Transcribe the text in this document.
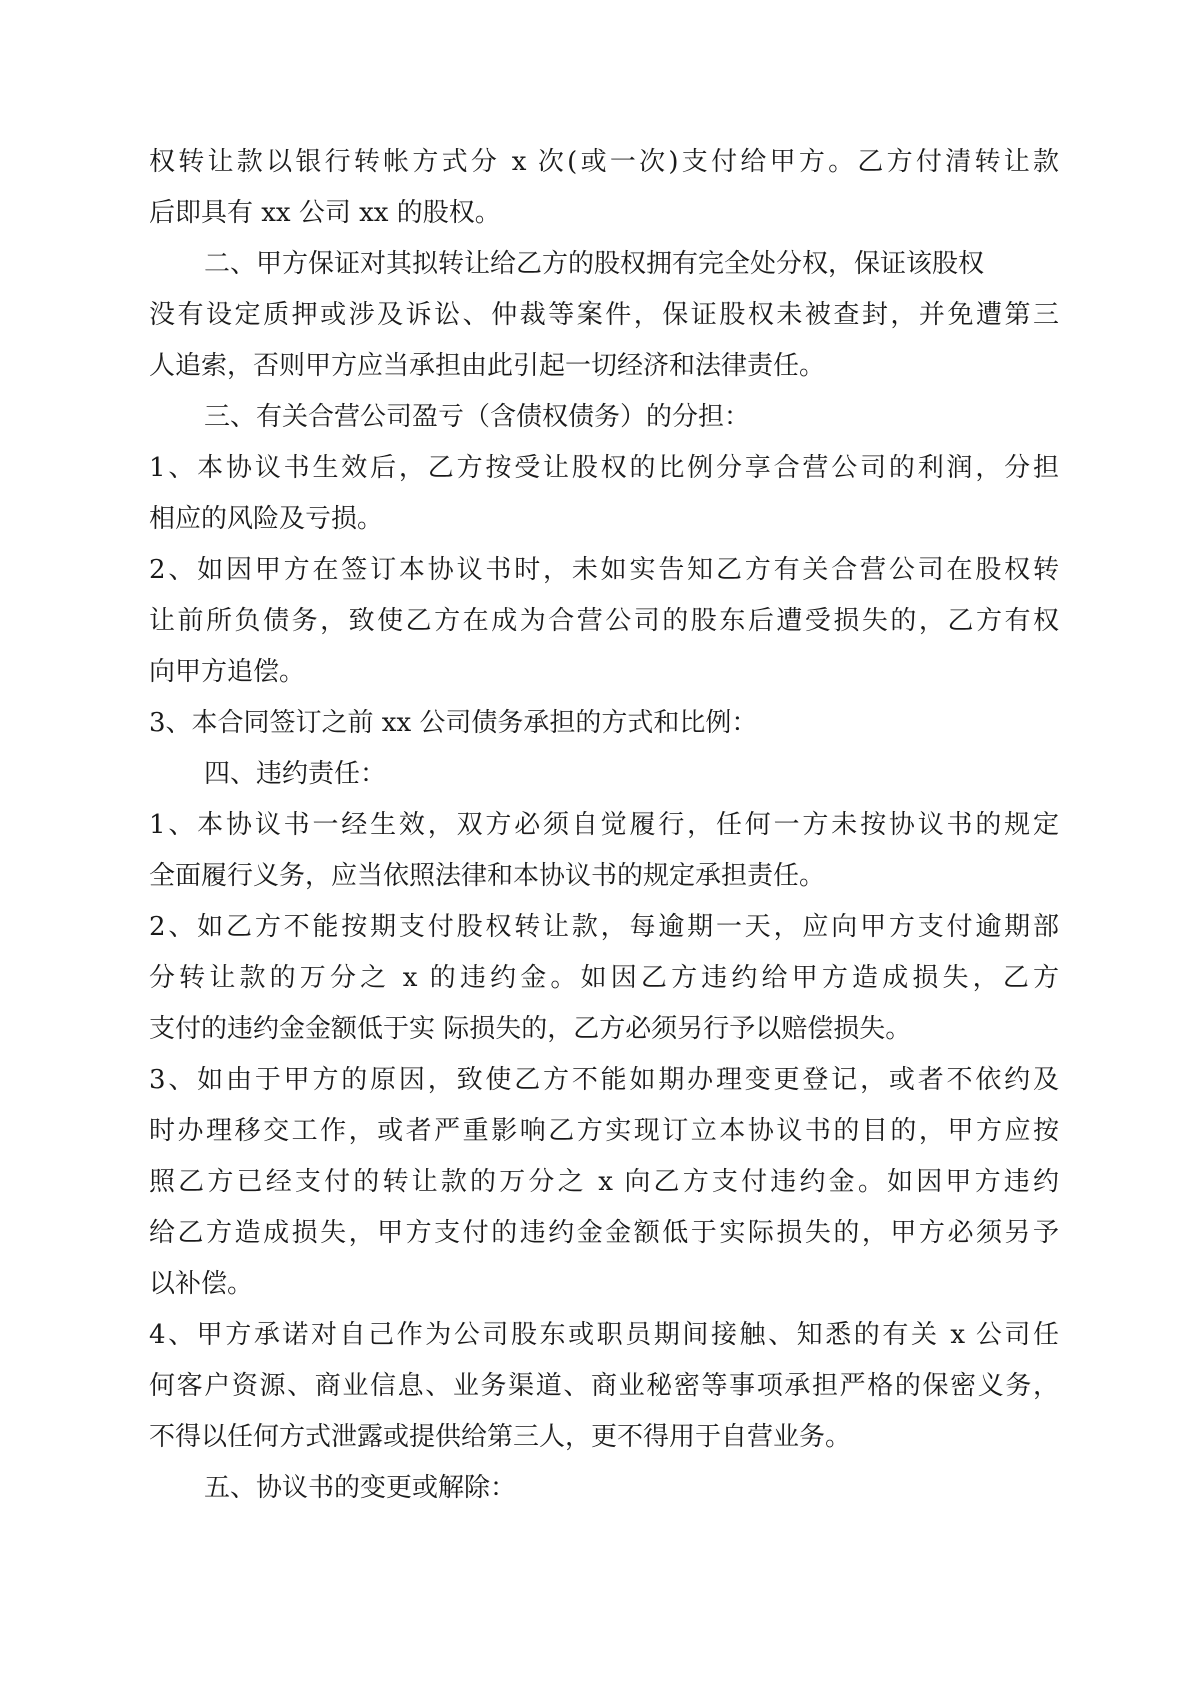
权转让款以银行转帐方式分 x 次(或一次)支付给甲方。乙方付清转让款

后即具有 xx 公司 xx 的股权。

二、甲方保证对其拟转让给乙方的股权拥有完全处分权，保证该股权

没有设定质押或涉及诉讼、仲裁等案件，保证股权未被查封，并免遭第三

人追索，否则甲方应当承担由此引起一切经济和法律责任。

三、有关合营公司盈亏（含债权债务）的分担：

1、本协议书生效后，乙方按受让股权的比例分享合营公司的利润，分担

相应的风险及亏损。

2、如因甲方在签订本协议书时，未如实告知乙方有关合营公司在股权转

让前所负债务，致使乙方在成为合营公司的股东后遭受损失的，乙方有权

向甲方追偿。

3、本合同签订之前 xx 公司债务承担的方式和比例：

四、违约责任：

1、本协议书一经生效，双方必须自觉履行，任何一方未按协议书的规定

全面履行义务，应当依照法律和本协议书的规定承担责任。

2、如乙方不能按期支付股权转让款，每逾期一天，应向甲方支付逾期部

分转让款的万分之 x 的违约金。如因乙方违约给甲方造成损失，乙方

支付的违约金金额低于实 际损失的，乙方必须另行予以赔偿损失。

3、如由于甲方的原因，致使乙方不能如期办理变更登记，或者不依约及

时办理移交工作，或者严重影响乙方实现订立本协议书的目的，甲方应按

照乙方已经支付的转让款的万分之 x 向乙方支付违约金。如因甲方违约

给乙方造成损失，甲方支付的违约金金额低于实际损失的，甲方必须另予

以补偿。

4、甲方承诺对自己作为公司股东或职员期间接触、知悉的有关 x 公司任

何客户资源、商业信息、业务渠道、商业秘密等事项承担严格的保密义务，

不得以任何方式泄露或提供给第三人，更不得用于自营业务。

五、协议书的变更或解除：
